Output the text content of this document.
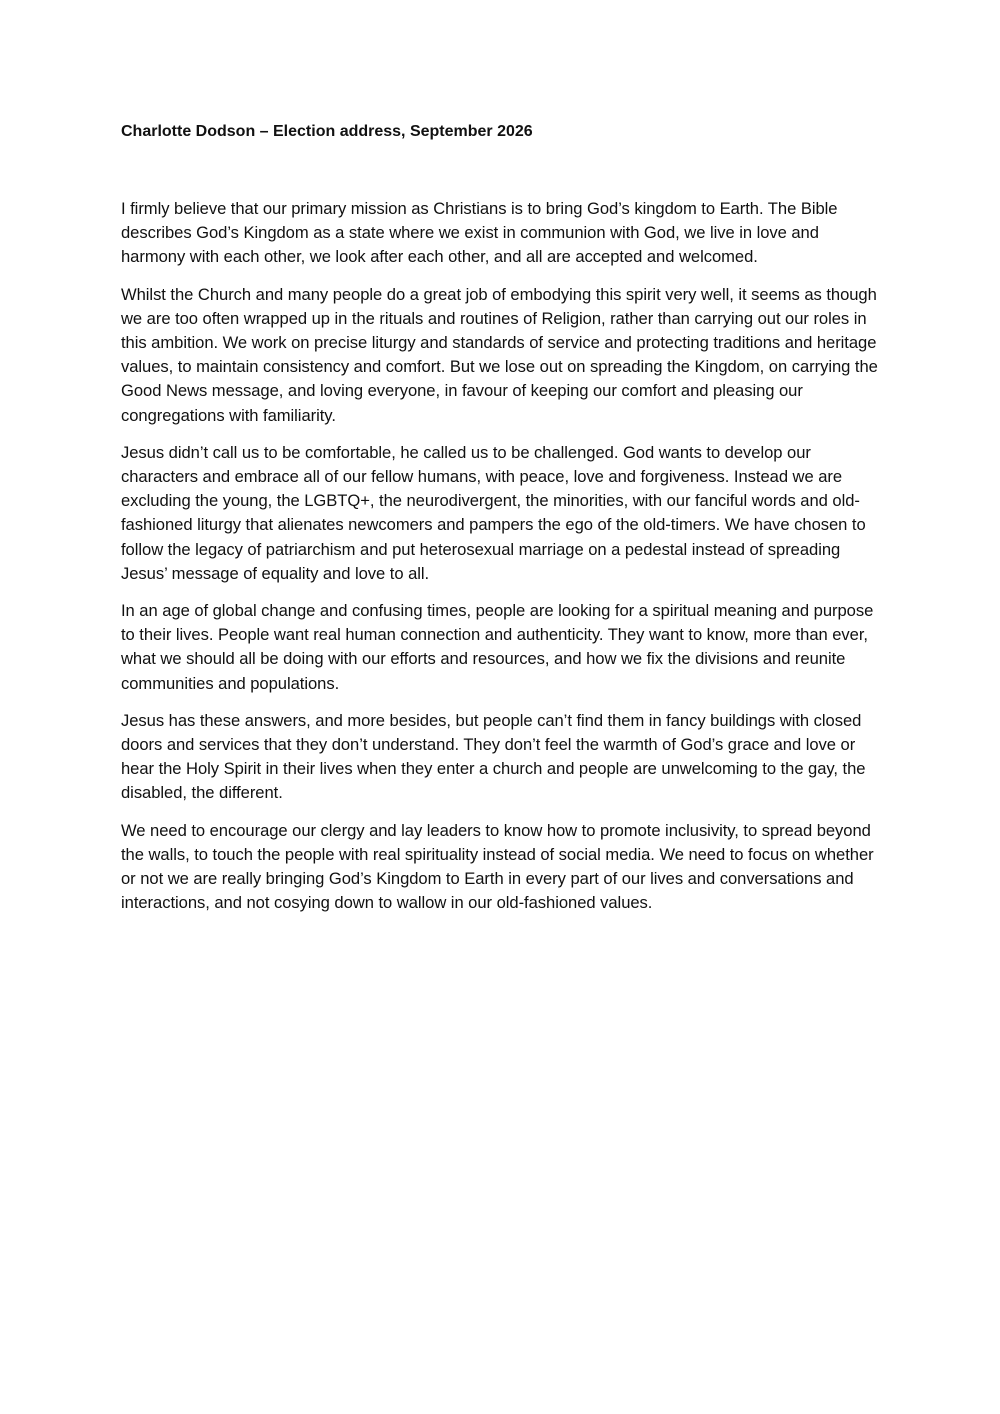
Charlotte Dodson – Election address, September 2026

I firmly believe that our primary mission as Christians is to bring God’s kingdom to Earth. The Bible describes God’s Kingdom as a state where we exist in communion with God, we live in love and harmony with each other, we look after each other, and all are accepted and welcomed.

Whilst the Church and many people do a great job of embodying this spirit very well, it seems as though we are too often wrapped up in the rituals and routines of Religion, rather than carrying out our roles in this ambition. We work on precise liturgy and standards of service and protecting traditions and heritage values, to maintain consistency and comfort. But we lose out on spreading the Kingdom, on carrying the Good News message, and loving everyone, in favour of keeping our comfort and pleasing our congregations with familiarity.

Jesus didn’t call us to be comfortable, he called us to be challenged. God wants to develop our characters and embrace all of our fellow humans, with peace, love and forgiveness. Instead we are excluding the young, the LGBTQ+, the neurodivergent, the minorities, with our fanciful words and old-fashioned liturgy that alienates newcomers and pampers the ego of the old-timers. We have chosen to follow the legacy of patriarchism and put heterosexual marriage on a pedestal instead of spreading Jesus’ message of equality and love to all.

In an age of global change and confusing times, people are looking for a spiritual meaning and purpose to their lives. People want real human connection and authenticity. They want to know, more than ever, what we should all be doing with our efforts and resources, and how we fix the divisions and reunite communities and populations.

Jesus has these answers, and more besides, but people can’t find them in fancy buildings with closed doors and services that they don’t understand. They don’t feel the warmth of God’s grace and love or hear the Holy Spirit in their lives when they enter a church and people are unwelcoming to the gay, the disabled, the different.

We need to encourage our clergy and lay leaders to know how to promote inclusivity, to spread beyond the walls, to touch the people with real spirituality instead of social media. We need to focus on whether or not we are really bringing God’s Kingdom to Earth in every part of our lives and conversations and interactions, and not cosying down to wallow in our old-fashioned values.
